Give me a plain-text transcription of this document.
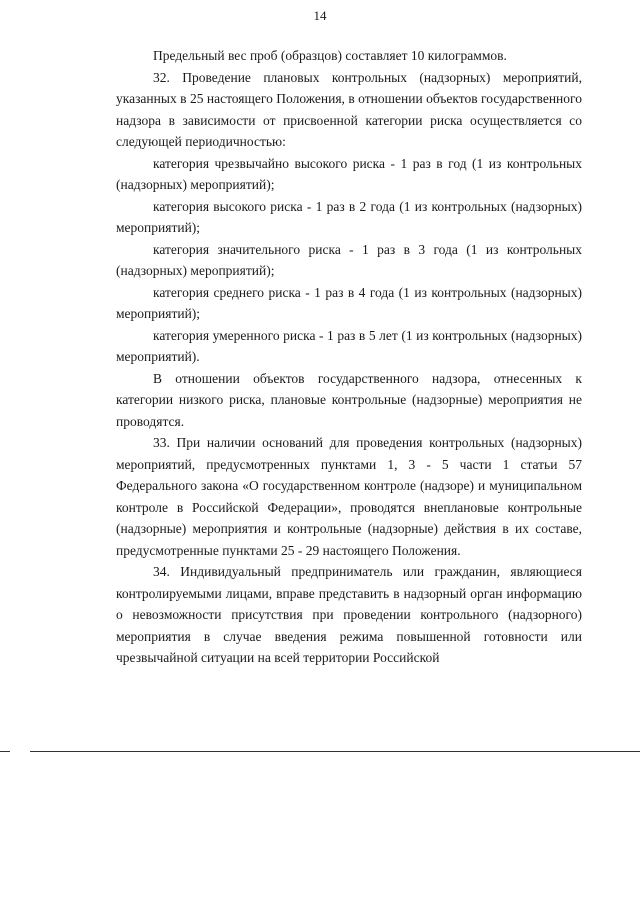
14

Предельный вес проб (образцов) составляет 10 килограммов.

32. Проведение плановых контрольных (надзорных) мероприятий, указанных в 25 настоящего Положения, в отношении объектов государственного надзора в зависимости от присвоенной категории риска осуществляется со следующей периодичностью:

категория чрезвычайно высокого риска - 1 раз в год (1 из контрольных (надзорных) мероприятий);

категория высокого риска - 1 раз в 2 года (1 из контрольных (надзорных) мероприятий);

категория значительного риска - 1 раз в 3 года (1 из контрольных (надзорных) мероприятий);

категория среднего риска - 1 раз в 4 года (1 из контрольных (надзорных) мероприятий);

категория умеренного риска - 1 раз в 5 лет (1 из контрольных (надзорных) мероприятий).

В отношении объектов государственного надзора, отнесенных к категории низкого риска, плановые контрольные (надзорные) мероприятия не проводятся.

33. При наличии оснований для проведения контрольных (надзорных) мероприятий, предусмотренных пунктами 1, 3 - 5 части 1 статьи 57 Федерального закона «О государственном контроле (надзоре) и муниципальном контроле в Российской Федерации», проводятся внеплановые контрольные (надзорные) мероприятия и контрольные (надзорные) действия в их составе, предусмотренные пунктами 25 - 29 настоящего Положения.

34. Индивидуальный предприниматель или гражданин, являющиеся контролируемыми лицами, вправе представить в надзорный орган информацию о невозможности присутствия при проведении контрольного (надзорного) мероприятия в случае введения режима повышенной готовности или чрезвычайной ситуации на всей территории Российской
